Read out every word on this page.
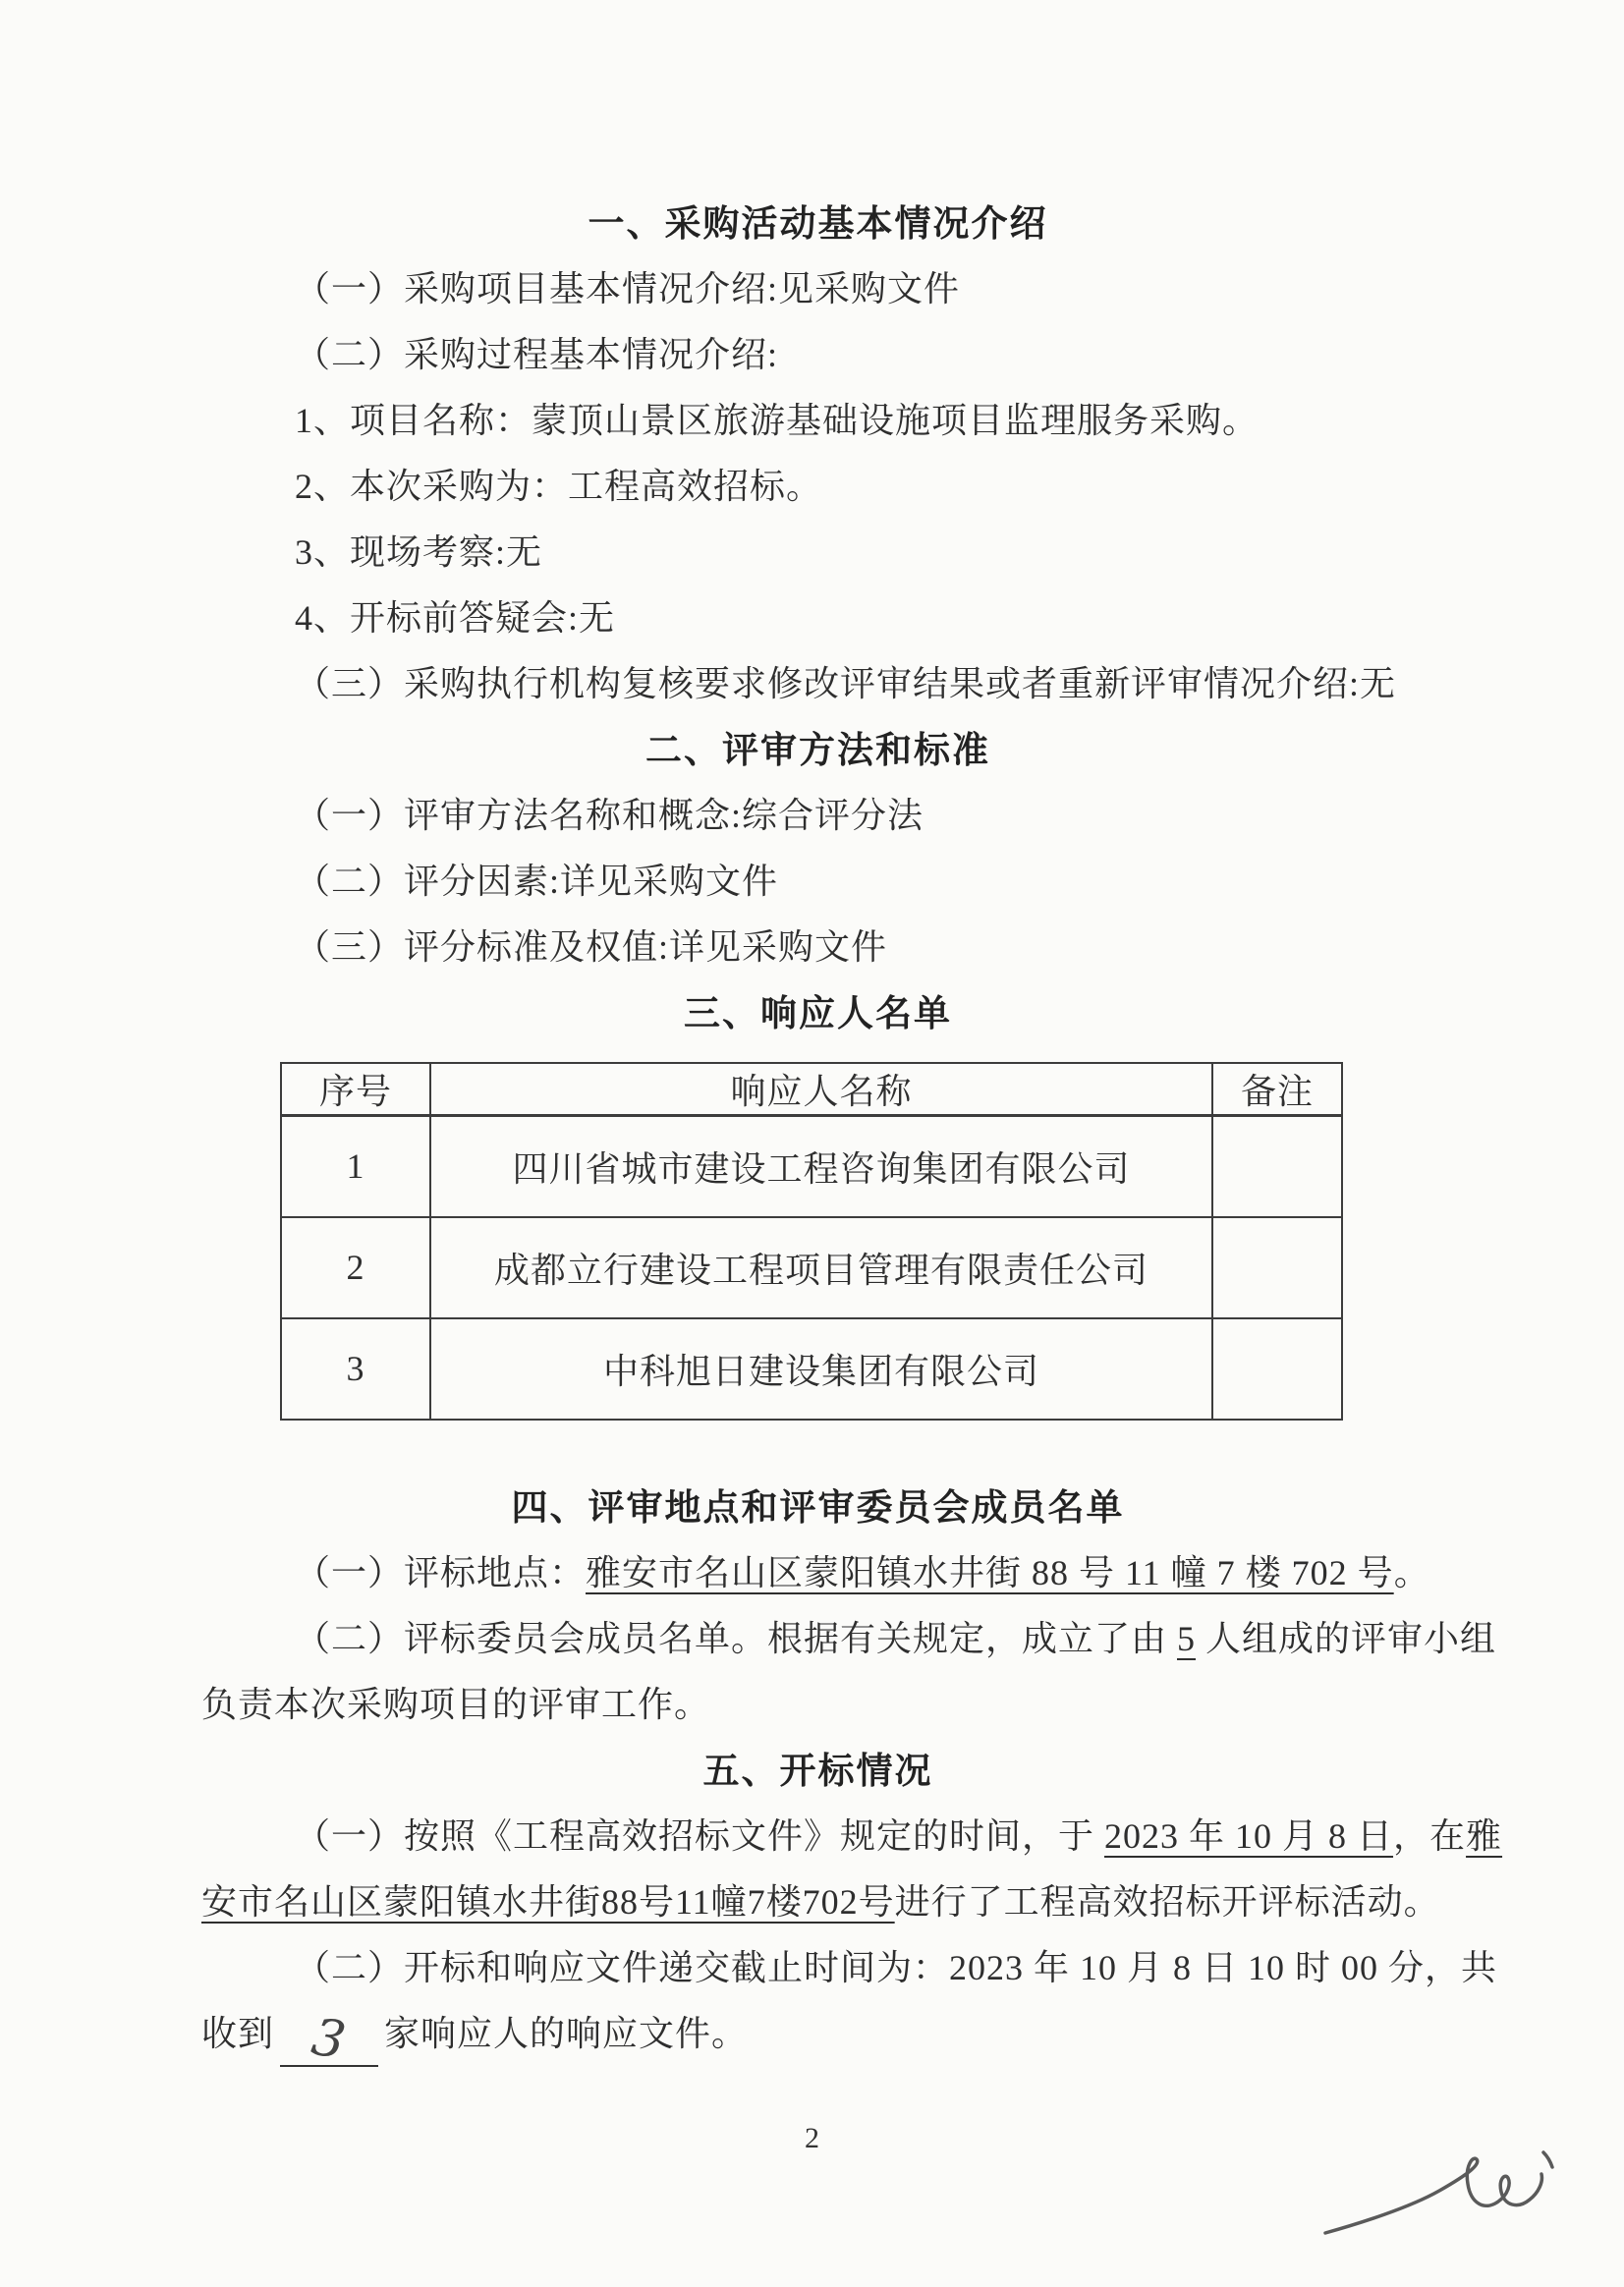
一、采购活动基本情况介绍
（一）采购项目基本情况介绍:见采购文件
（二）采购过程基本情况介绍:
1、项目名称：蒙顶山景区旅游基础设施项目监理服务采购。
2、本次采购为：工程高效招标。
3、现场考察:无
4、开标前答疑会:无
（三）采购执行机构复核要求修改评审结果或者重新评审情况介绍:无
二、评审方法和标准
（一）评审方法名称和概念:综合评分法
（二）评分因素:详见采购文件
（三）评分标准及权值:详见采购文件
三、响应人名单
序号	响应人名称	备注
1	四川省城市建设工程咨询集团有限公司	
2	成都立行建设工程项目管理有限责任公司	
3	中科旭日建设集团有限公司	
四、评审地点和评审委员会成员名单
（一）评标地点：雅安市名山区蒙阳镇水井街 88 号 11 幢 7 楼 702 号。
（二）评标委员会成员名单。根据有关规定，成立了由 5 人组成的评审小组
负责本次采购项目的评审工作。
五、开标情况
（一）按照《工程高效招标文件》规定的时间，于 2023 年 10 月 8 日，在雅
安市名山区蒙阳镇水井街88号11幢7楼702号进行了工程高效招标开评标活动。
（二）开标和响应文件递交截止时间为：2023 年 10 月 8 日 10 时 00 分，共
收到 3 家响应人的响应文件。
2
